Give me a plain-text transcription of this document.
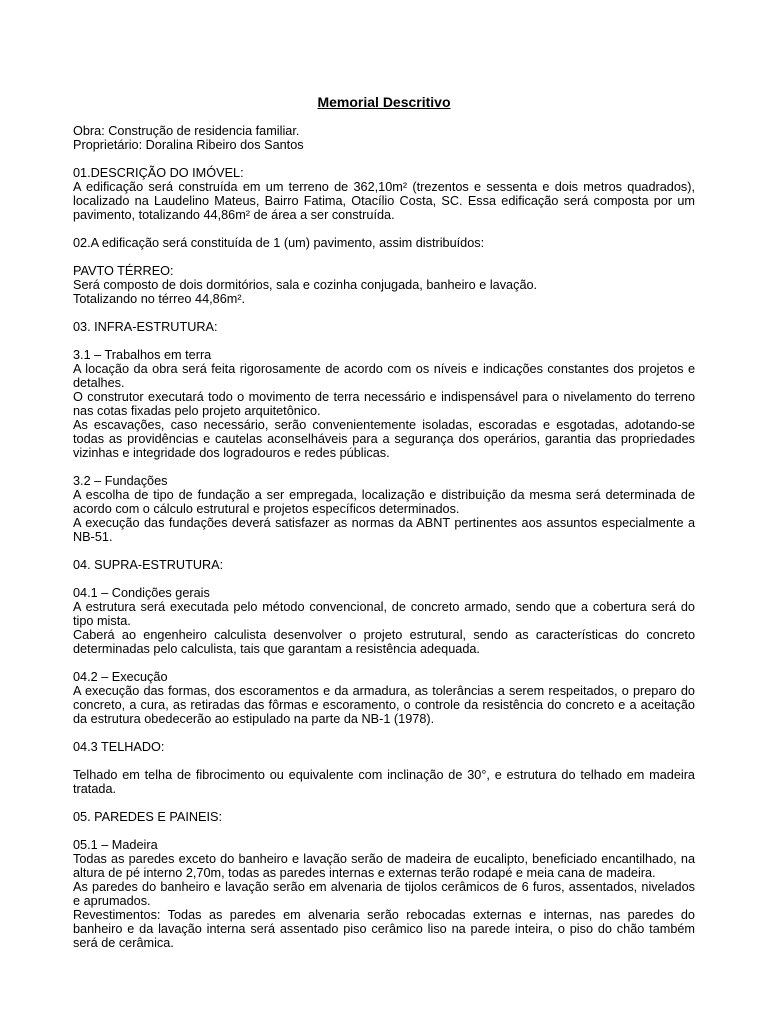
Memorial Descritivo
Obra: Construção de residencia familiar.
Proprietário: Doralina Ribeiro dos Santos
01.DESCRIÇÃO DO IMÓVEL:
A edificação será construída em um terreno de 362,10m² (trezentos e sessenta e dois metros quadrados), localizado na Laudelino Mateus, Bairro Fatima, Otacílio Costa, SC. Essa edificação será composta por um pavimento, totalizando 44,86m² de área a ser construída.
02.A edificação será constituída de 1 (um) pavimento, assim distribuídos:
PAVTO TÉRREO:
Será composto de dois dormitórios, sala e cozinha conjugada, banheiro e lavação.
Totalizando no térreo 44,86m².
03. INFRA-ESTRUTURA:
3.1 – Trabalhos em terra
A locação da obra será feita rigorosamente de acordo com os níveis e indicações constantes dos projetos e detalhes.
O construtor executará todo o movimento de terra necessário e indispensável para o nivelamento do terreno nas cotas fixadas pelo projeto arquitetônico.
As escavações, caso necessário, serão convenientemente isoladas, escoradas e esgotadas, adotando-se todas as providências e cautelas aconselháveis para a segurança dos operários, garantia das propriedades vizinhas e integridade dos logradouros e redes públicas.
3.2 – Fundações
A escolha de tipo de fundação a ser empregada, localização e distribuição da mesma será determinada de acordo com o cálculo estrutural e projetos específicos determinados.
A execução das fundações deverá satisfazer as normas da ABNT pertinentes aos assuntos especialmente a NB-51.
04. SUPRA-ESTRUTURA:
04.1 – Condições gerais
A estrutura será executada pelo método convencional, de concreto armado, sendo que a cobertura será do tipo mista.
Caberá ao engenheiro calculista desenvolver o projeto estrutural, sendo as características do concreto determinadas pelo calculista, tais que garantam a resistência adequada.
04.2 – Execução
A execução das formas, dos escoramentos e da armadura, as tolerâncias a serem respeitados, o preparo do concreto, a cura, as retiradas das fôrmas e escoramento, o controle da resistência do concreto e a aceitação da estrutura obedecerão ao estipulado na parte da NB-1 (1978).
04.3 TELHADO:
Telhado em telha de fibrocimento ou equivalente com inclinação de 30°, e estrutura do telhado em madeira tratada.
05. PAREDES E PAINEIS:
05.1 – Madeira
Todas as paredes exceto do banheiro e lavação serão de madeira de eucalipto, beneficiado encantilhado, na altura de pé interno 2,70m, todas as paredes internas e externas terão rodapé e meia cana de madeira.
As paredes do banheiro e lavação serão em alvenaria de tijolos cerâmicos de 6 furos, assentados, nivelados e aprumados.
Revestimentos: Todas as paredes em alvenaria serão rebocadas externas e internas, nas paredes do banheiro e da lavação interna será assentado piso cerâmico liso na parede inteira, o piso do chão também será de cerâmica.
